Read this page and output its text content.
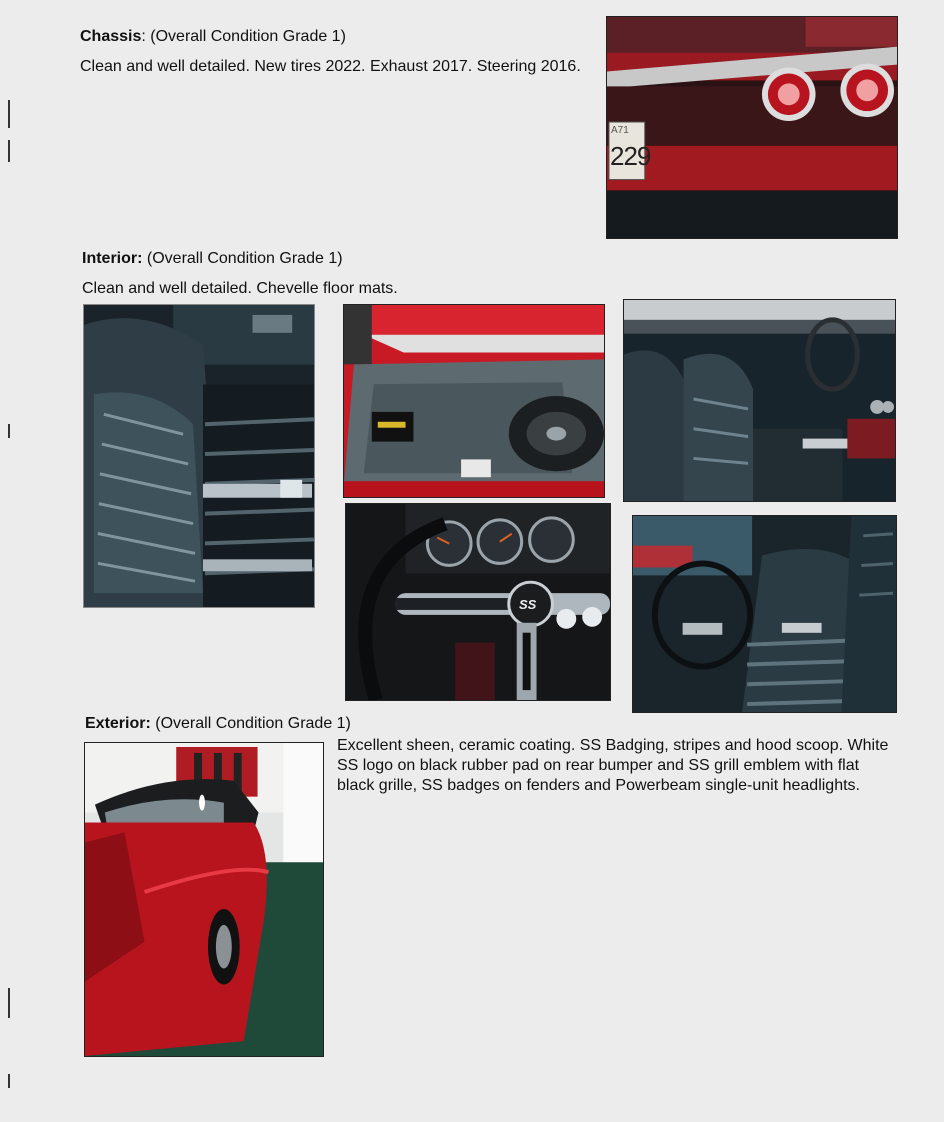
Chassis: (Overall Condition Grade 1)
Clean and well detailed. New tires 2022. Exhaust 2017. Steering 2016.
A71
229
Interior: (Overall Condition Grade 1)
Clean and well detailed. Chevelle floor mats.
SS
Exterior: (Overall Condition Grade 1)
Excellent sheen, ceramic coating. SS Badging, stripes and hood scoop. White SS logo on black rubber pad on rear bumper and SS grill emblem with flat black grille, SS badges on fenders and Powerbeam single-unit headlights.
